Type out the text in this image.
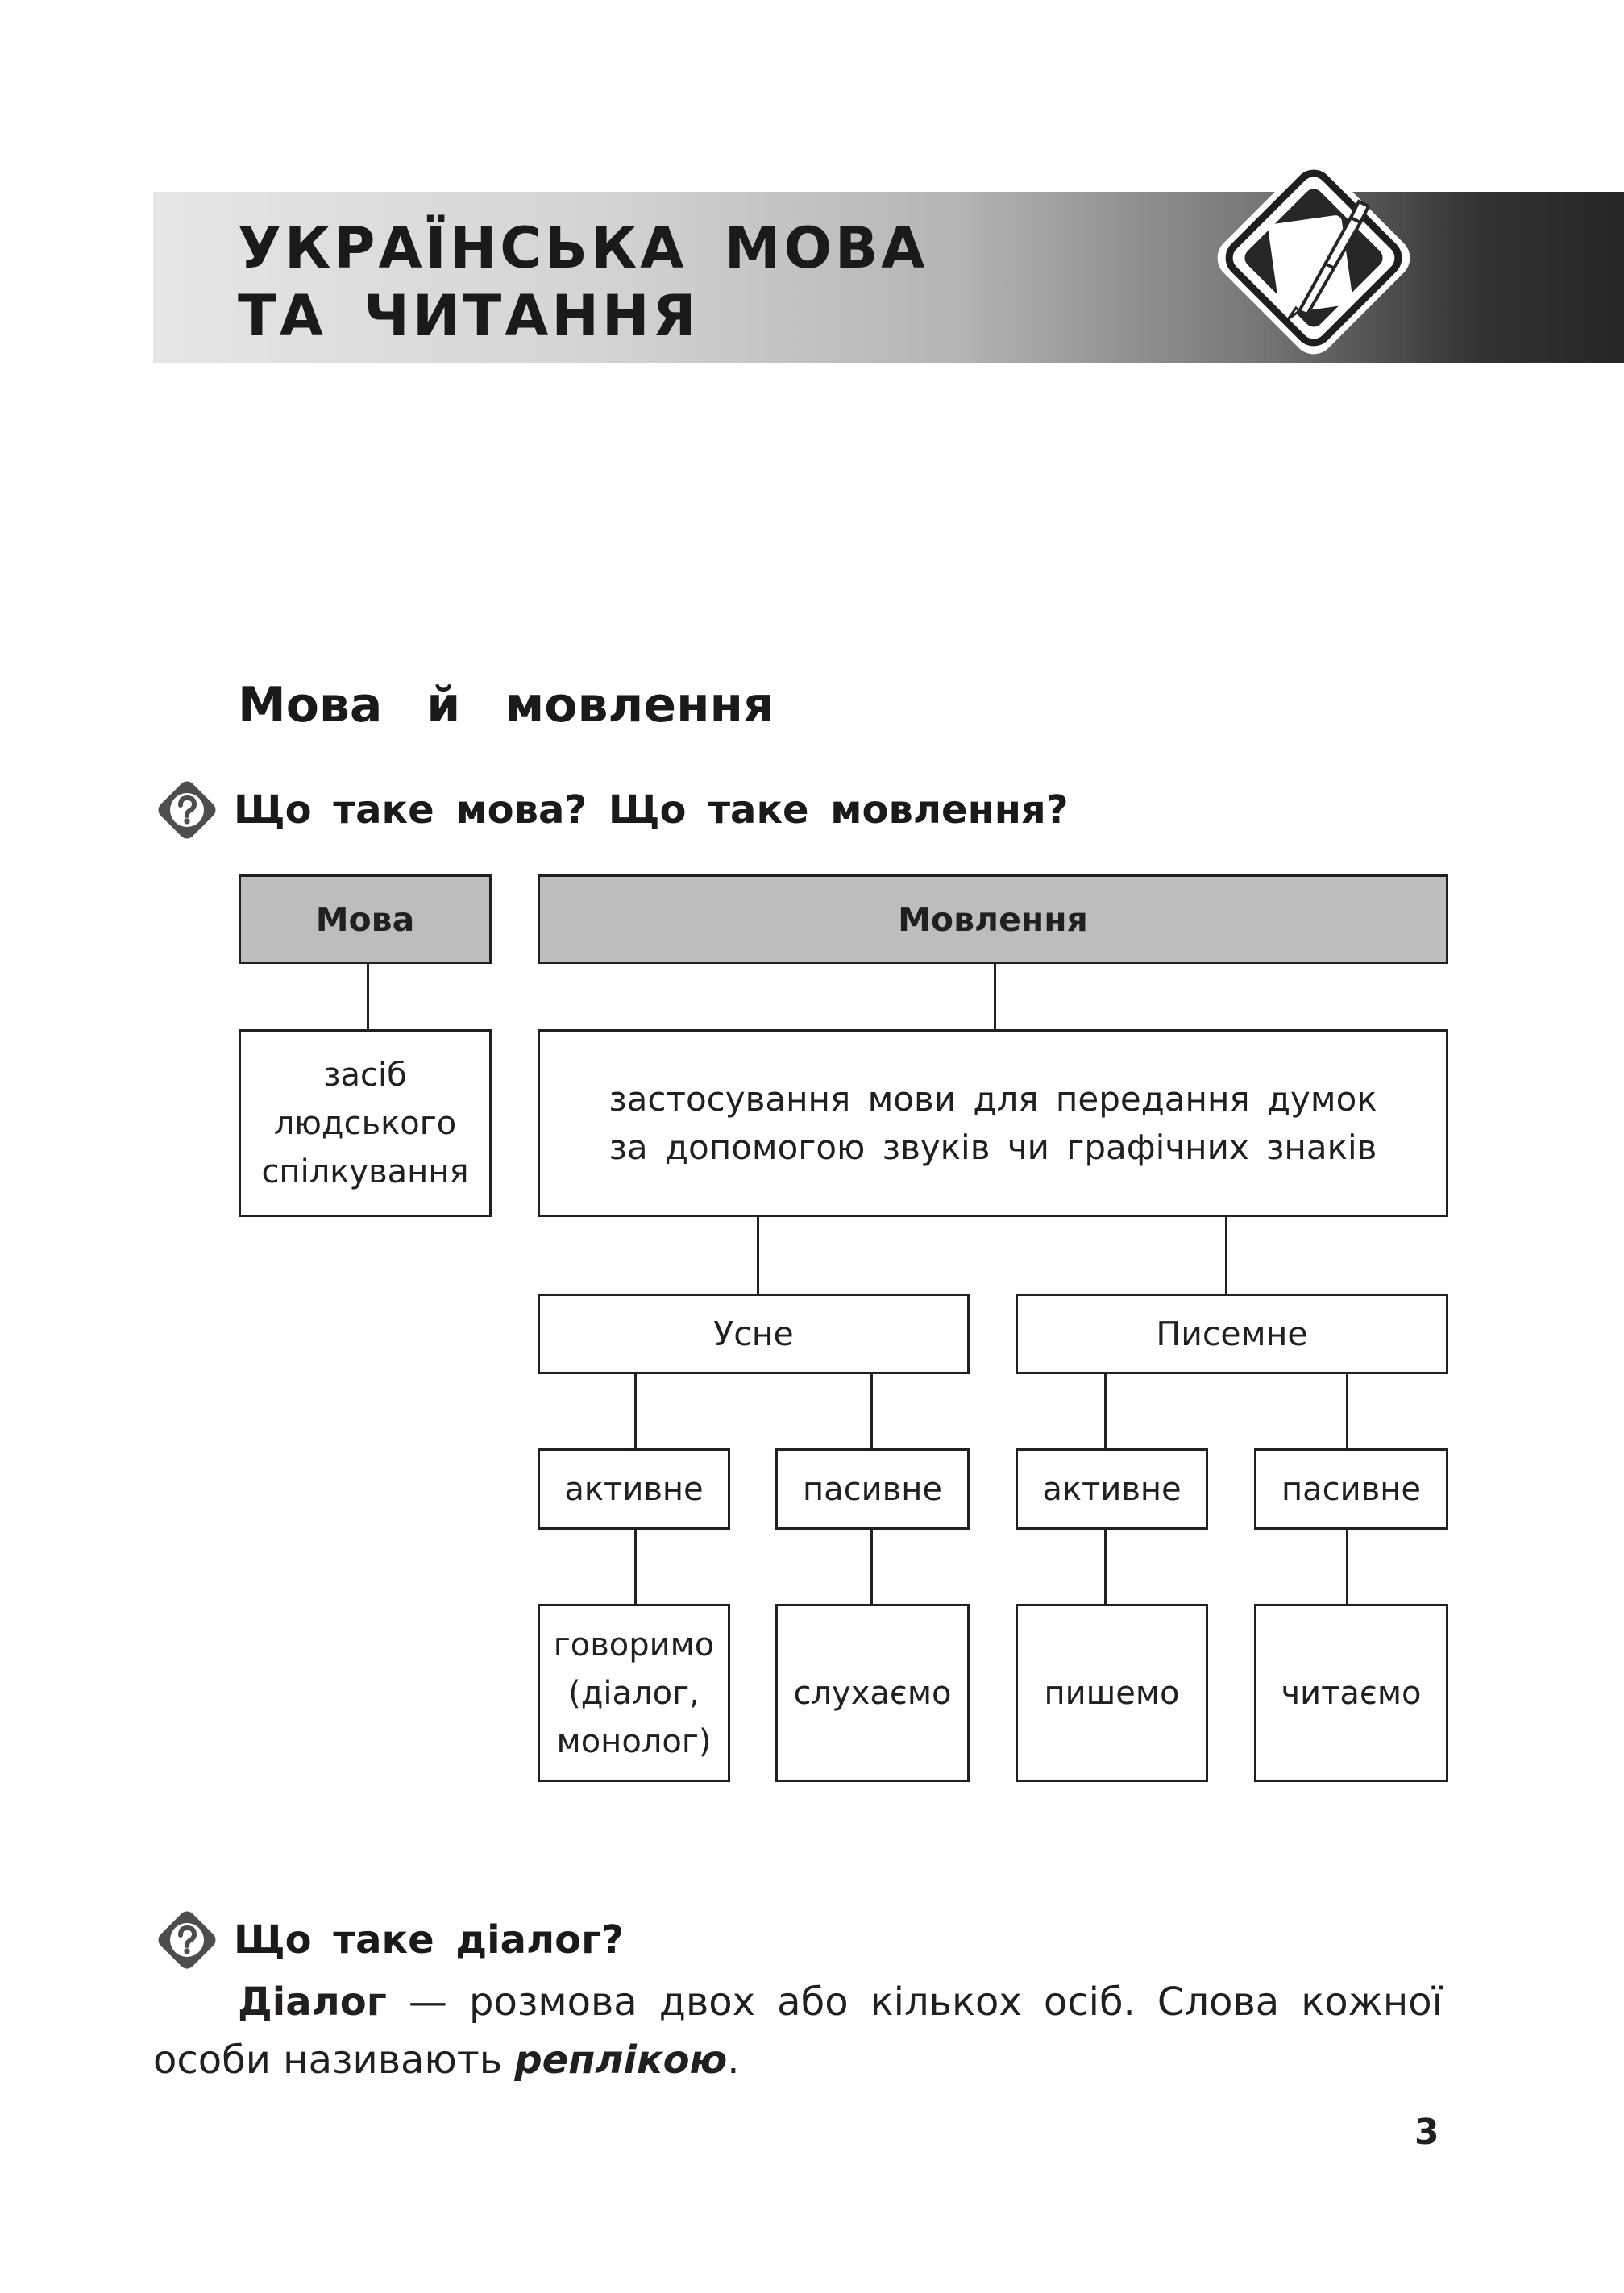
УКРАЇНСЬКА МОВА
ТА ЧИТАННЯ
Мова й мовлення
Що таке мова? Що таке мовлення?
Мова	Мовлення
засіб
людського
спілкування
застосування мови для передання думок
за допомогою звуків чи графічних знаків
Усне	Писемне
активне	пасивне	активне	пасивне
говоримо
(діалог,
монолог)
слухаємо	пишемо	читаємо
Що таке діалог?
Діалог — розмова двох або кількох осіб. Слова кожної особи називають реплікою.
3
